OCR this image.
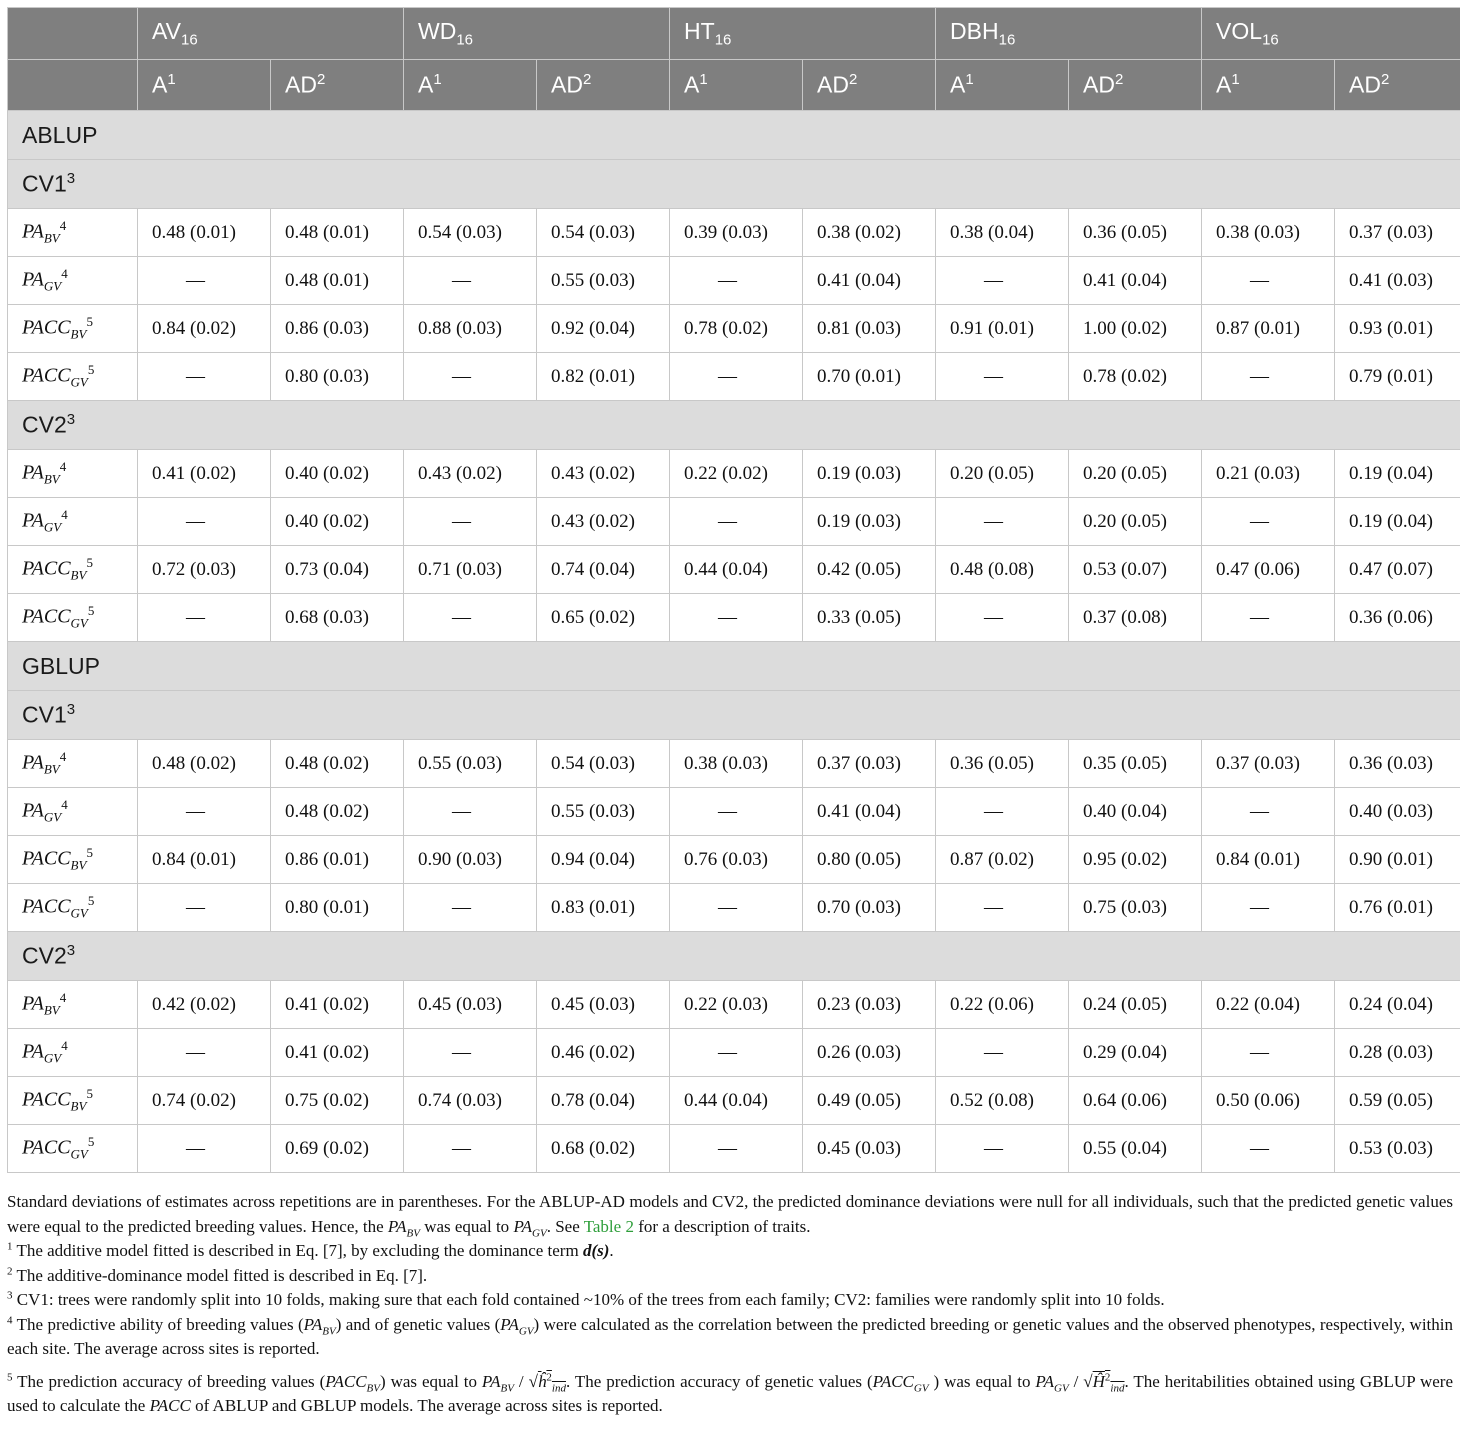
	$AV_{16}$		$WD_{16}$		$HT_{16}$		$DBH_{16}$		$VOL_{16}$
	$A^1$	$AD^2$	$A^1$	$AD^2$	$A^1$	$AD^2$	$A^1$	$AD^2$	$A^1$	$AD^2$
ABLUP										
$CV1^3$
$PA_{BV}^4$	0.48 (0.01)	0.48 (0.01)	0.54 (0.03)	0.54 (0.03)	0.39 (0.03)	0.38 (0.02)	0.38 (0.04)	0.36 (0.05)	0.38 (0.03)	0.37 (0.03)
$PA_{GV}^4$	—	0.48 (0.01)	—	0.55 (0.03)	—	0.41 (0.04)	—	0.41 (0.04)	—	0.41 (0.03)
$PACC_{BV}^5$	0.84 (0.02)	0.86 (0.03)	0.88 (0.03)	0.92 (0.04)	0.78 (0.02)	0.81 (0.03)	0.91 (0.01)	1.00 (0.02)	0.87 (0.01)	0.93 (0.01)
$PACC_{GV}^5$	—	0.80 (0.03)	—	0.82 (0.01)	—	0.70 (0.01)	—	0.78 (0.02)	—	0.79 (0.01)
$CV2^3$
$PA_{BV}^4$	0.41 (0.02)	0.40 (0.02)	0.43 (0.02)	0.43 (0.02)	0.22 (0.02)	0.19 (0.03)	0.20 (0.05)	0.20 (0.05)	0.21 (0.03)	0.19 (0.04)
$PA_{GV}^4$	—	0.40 (0.02)	—	0.43 (0.02)	—	0.19 (0.03)	—	0.20 (0.05)	—	0.19 (0.04)
$PACC_{BV}^5$	0.72 (0.03)	0.73 (0.04)	0.71 (0.03)	0.74 (0.04)	0.44 (0.04)	0.42 (0.05)	0.48 (0.08)	0.53 (0.07)	0.47 (0.06)	0.47 (0.07)
$PACC_{GV}^5$	—	0.68 (0.03)	—	0.65 (0.02)	—	0.33 (0.05)	—	0.37 (0.08)	—	0.36 (0.06)
GBLUP										
$CV1^3$
$PA_{BV}^4$	0.48 (0.02)	0.48 (0.02)	0.55 (0.03)	0.54 (0.03)	0.38 (0.03)	0.37 (0.03)	0.36 (0.05)	0.35 (0.05)	0.37 (0.03)	0.36 (0.03)
$PA_{GV}^4$	—	0.48 (0.02)	—	0.55 (0.03)	—	0.41 (0.04)	—	0.40 (0.04)	—	0.40 (0.03)
$PACC_{BV}^5$	0.84 (0.01)	0.86 (0.01)	0.90 (0.03)	0.94 (0.04)	0.76 (0.03)	0.80 (0.05)	0.87 (0.02)	0.95 (0.02)	0.84 (0.01)	0.90 (0.01)
$PACC_{GV}^5$	—	0.80 (0.01)	—	0.83 (0.01)	—	0.70 (0.03)	—	0.75 (0.03)	—	0.76 (0.01)
$CV2^3$
$PA_{BV}^4$	0.42 (0.02)	0.41 (0.02)	0.45 (0.03)	0.45 (0.03)	0.22 (0.03)	0.23 (0.03)	0.22 (0.06)	0.24 (0.05)	0.22 (0.04)	0.24 (0.04)
$PA_{GV}^4$	—	0.41 (0.02)	—	0.46 (0.02)	—	0.26 (0.03)	—	0.29 (0.04)	—	0.28 (0.03)
$PACC_{BV}^5$	0.74 (0.02)	0.75 (0.02)	0.74 (0.03)	0.78 (0.04)	0.44 (0.04)	0.49 (0.05)	0.52 (0.08)	0.64 (0.06)	0.50 (0.06)	0.59 (0.05)
$PACC_{GV}^5$	—	0.69 (0.02)	—	0.68 (0.02)	—	0.45 (0.03)	—	0.55 (0.04)	—	0.53 (0.03)

Standard deviations of estimates across repetitions are in parentheses. For the ABLUP-AD models and CV2, the predicted dominance deviations were null for all individuals, such that the predicted genetic values were equal to the predicted breeding values. Hence, the $PA_{BV}$ was equal to $PA_{GV}$. See Table 2 for a description of traits.

$^1$ The additive model fitted is described in Eq. [7], by excluding the dominance term d(s).

$^2$ The additive-dominance model fitted is described in Eq. [7].

$^3$ CV1: trees were randomly split into 10 folds, making sure that each fold contained ~10% of the trees from each family; CV2: families were randomly split into 10 folds.

$^4$ The predictive ability of breeding values $(PA_{BV})$ and of genetic values $(PA_{GV})$ were calculated as the correlation between the predicted breeding or genetic values and the observed phenotypes, respectively, within each site. The average across sites is reported.

$^5$ The prediction accuracy of breeding values $(PACC_{BV})$ was equal to $PA_{BV}$ / $√ĥ^2_{ind}$. The prediction accuracy of genetic values ($PACC_{GV}$ ) was equal to $PA_{GV}$ / $√Ĥ^2_{ind}$. The heritabilities obtained using GBLUP were used to calculate the PACC of ABLUP and GBLUP models. The average across sites is reported.
